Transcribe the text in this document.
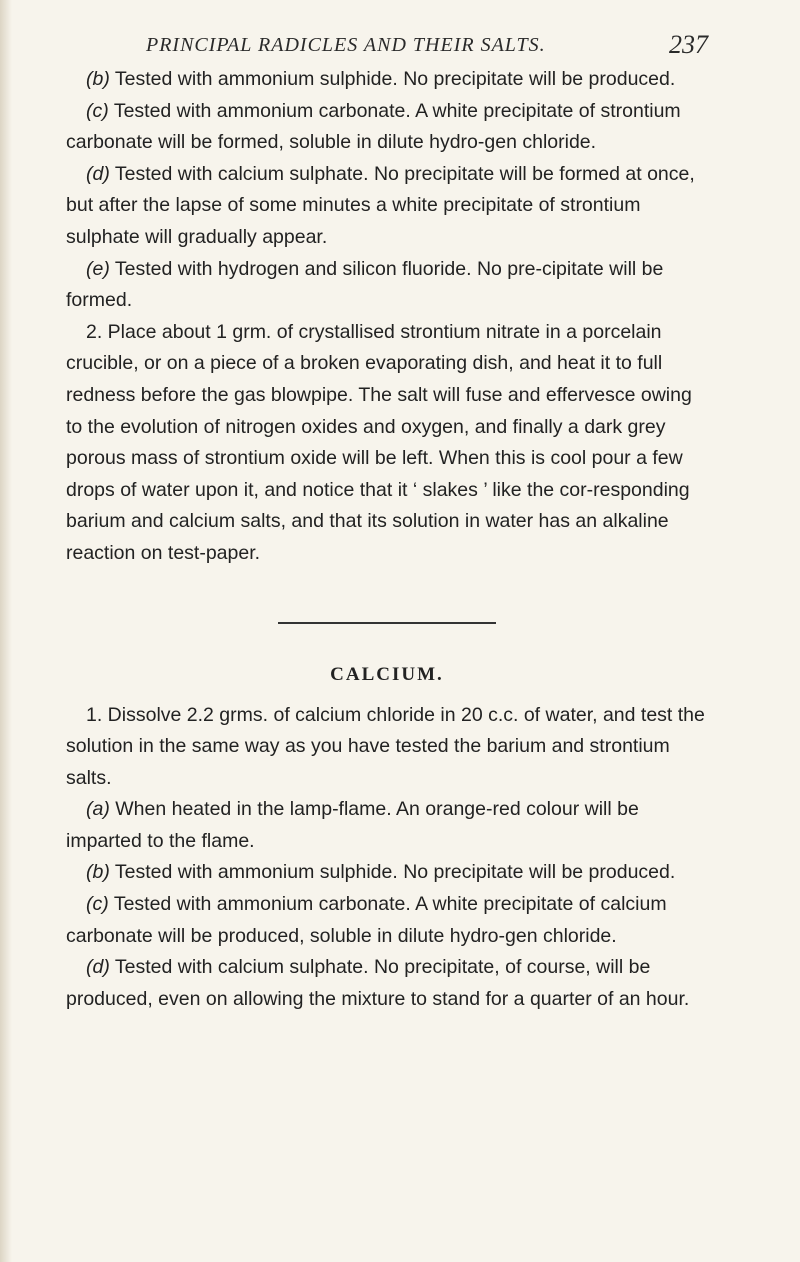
PRINCIPAL RADICLES AND THEIR SALTS.	237

(b) Tested with ammonium sulphide. No precipitate will be produced.

(c) Tested with ammonium carbonate. A white precipitate of strontium carbonate will be formed, soluble in dilute hydro-gen chloride.

(d) Tested with calcium sulphate. No precipitate will be formed at once, but after the lapse of some minutes a white precipitate of strontium sulphate will gradually appear.

(e) Tested with hydrogen and silicon fluoride. No pre-cipitate will be formed.

2. Place about 1 grm. of crystallised strontium nitrate in a porcelain crucible, or on a piece of a broken evaporating dish, and heat it to full redness before the gas blowpipe. The salt will fuse and effervesce owing to the evolution of nitrogen oxides and oxygen, and finally a dark grey porous mass of strontium oxide will be left. When this is cool pour a few drops of water upon it, and notice that it ‘ slakes ’ like the cor-responding barium and calcium salts, and that its solution in water has an alkaline reaction on test-paper.

CALCIUM.

1. Dissolve 2.2 grms. of calcium chloride in 20 c.c. of water, and test the solution in the same way as you have tested the barium and strontium salts.

(a) When heated in the lamp-flame. An orange-red colour will be imparted to the flame.

(b) Tested with ammonium sulphide. No precipitate will be produced.

(c) Tested with ammonium carbonate. A white precipitate of calcium carbonate will be produced, soluble in dilute hydro-gen chloride.

(d) Tested with calcium sulphate. No precipitate, of course, will be produced, even on allowing the mixture to stand for a quarter of an hour.
